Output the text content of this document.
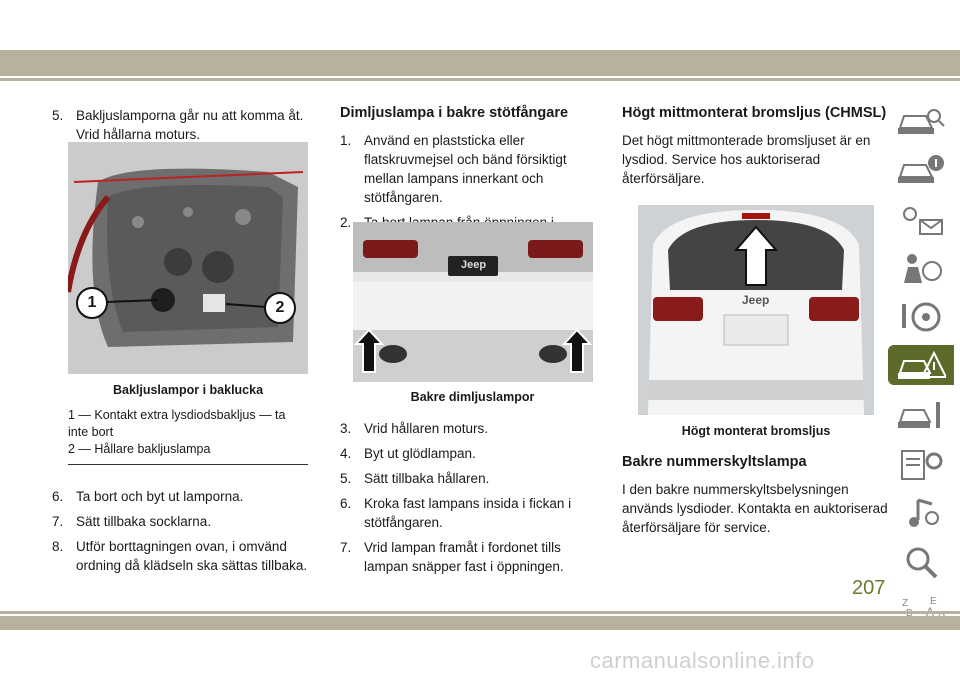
5. Bakljuslamporna går nu att komma åt. Vrid hållarna moturs.
1	2
Bakljuslampor i baklucka
1 — Kontakt extra lysdiodsbakljus — ta inte bort
2 — Hållare bakljuslampa
6. Ta bort och byt ut lamporna.
7. Sätt tillbaka socklarna.
8. Utför borttagningen ovan, i omvänd ordning då klädseln ska sättas tillbaka.
Dimljuslampa i bakre stötfångare
1. Använd en plaststicka eller flatskruvmejsel och bänd försiktigt mellan lampans innerkant och stötfångaren.
2.
Jeep
Bakre dimljuslampor
3. Vrid hållaren moturs.
4. Byt ut glödlampan.
5. Sätt tillbaka hållaren.
6. Kroka fast lampans insida i fickan i stötfångaren.
7. Vrid lampan framåt i fordonet tills lampan snäpper fast i öppningen.
Högt mittmonterat bromsljus (CHMSL)
Det högt mittmonterade bromsljuset är en lysdiod. Service hos auktoriserad återförsäljare.
Jeep
Högt monterat bromsljus
Bakre nummerskyltslampa
I den bakre nummerskyltsbelysningen används lysdioder. Kontakta en auktoriserad återförsäljare för service.
Z E
207
carmanualsonline.info
